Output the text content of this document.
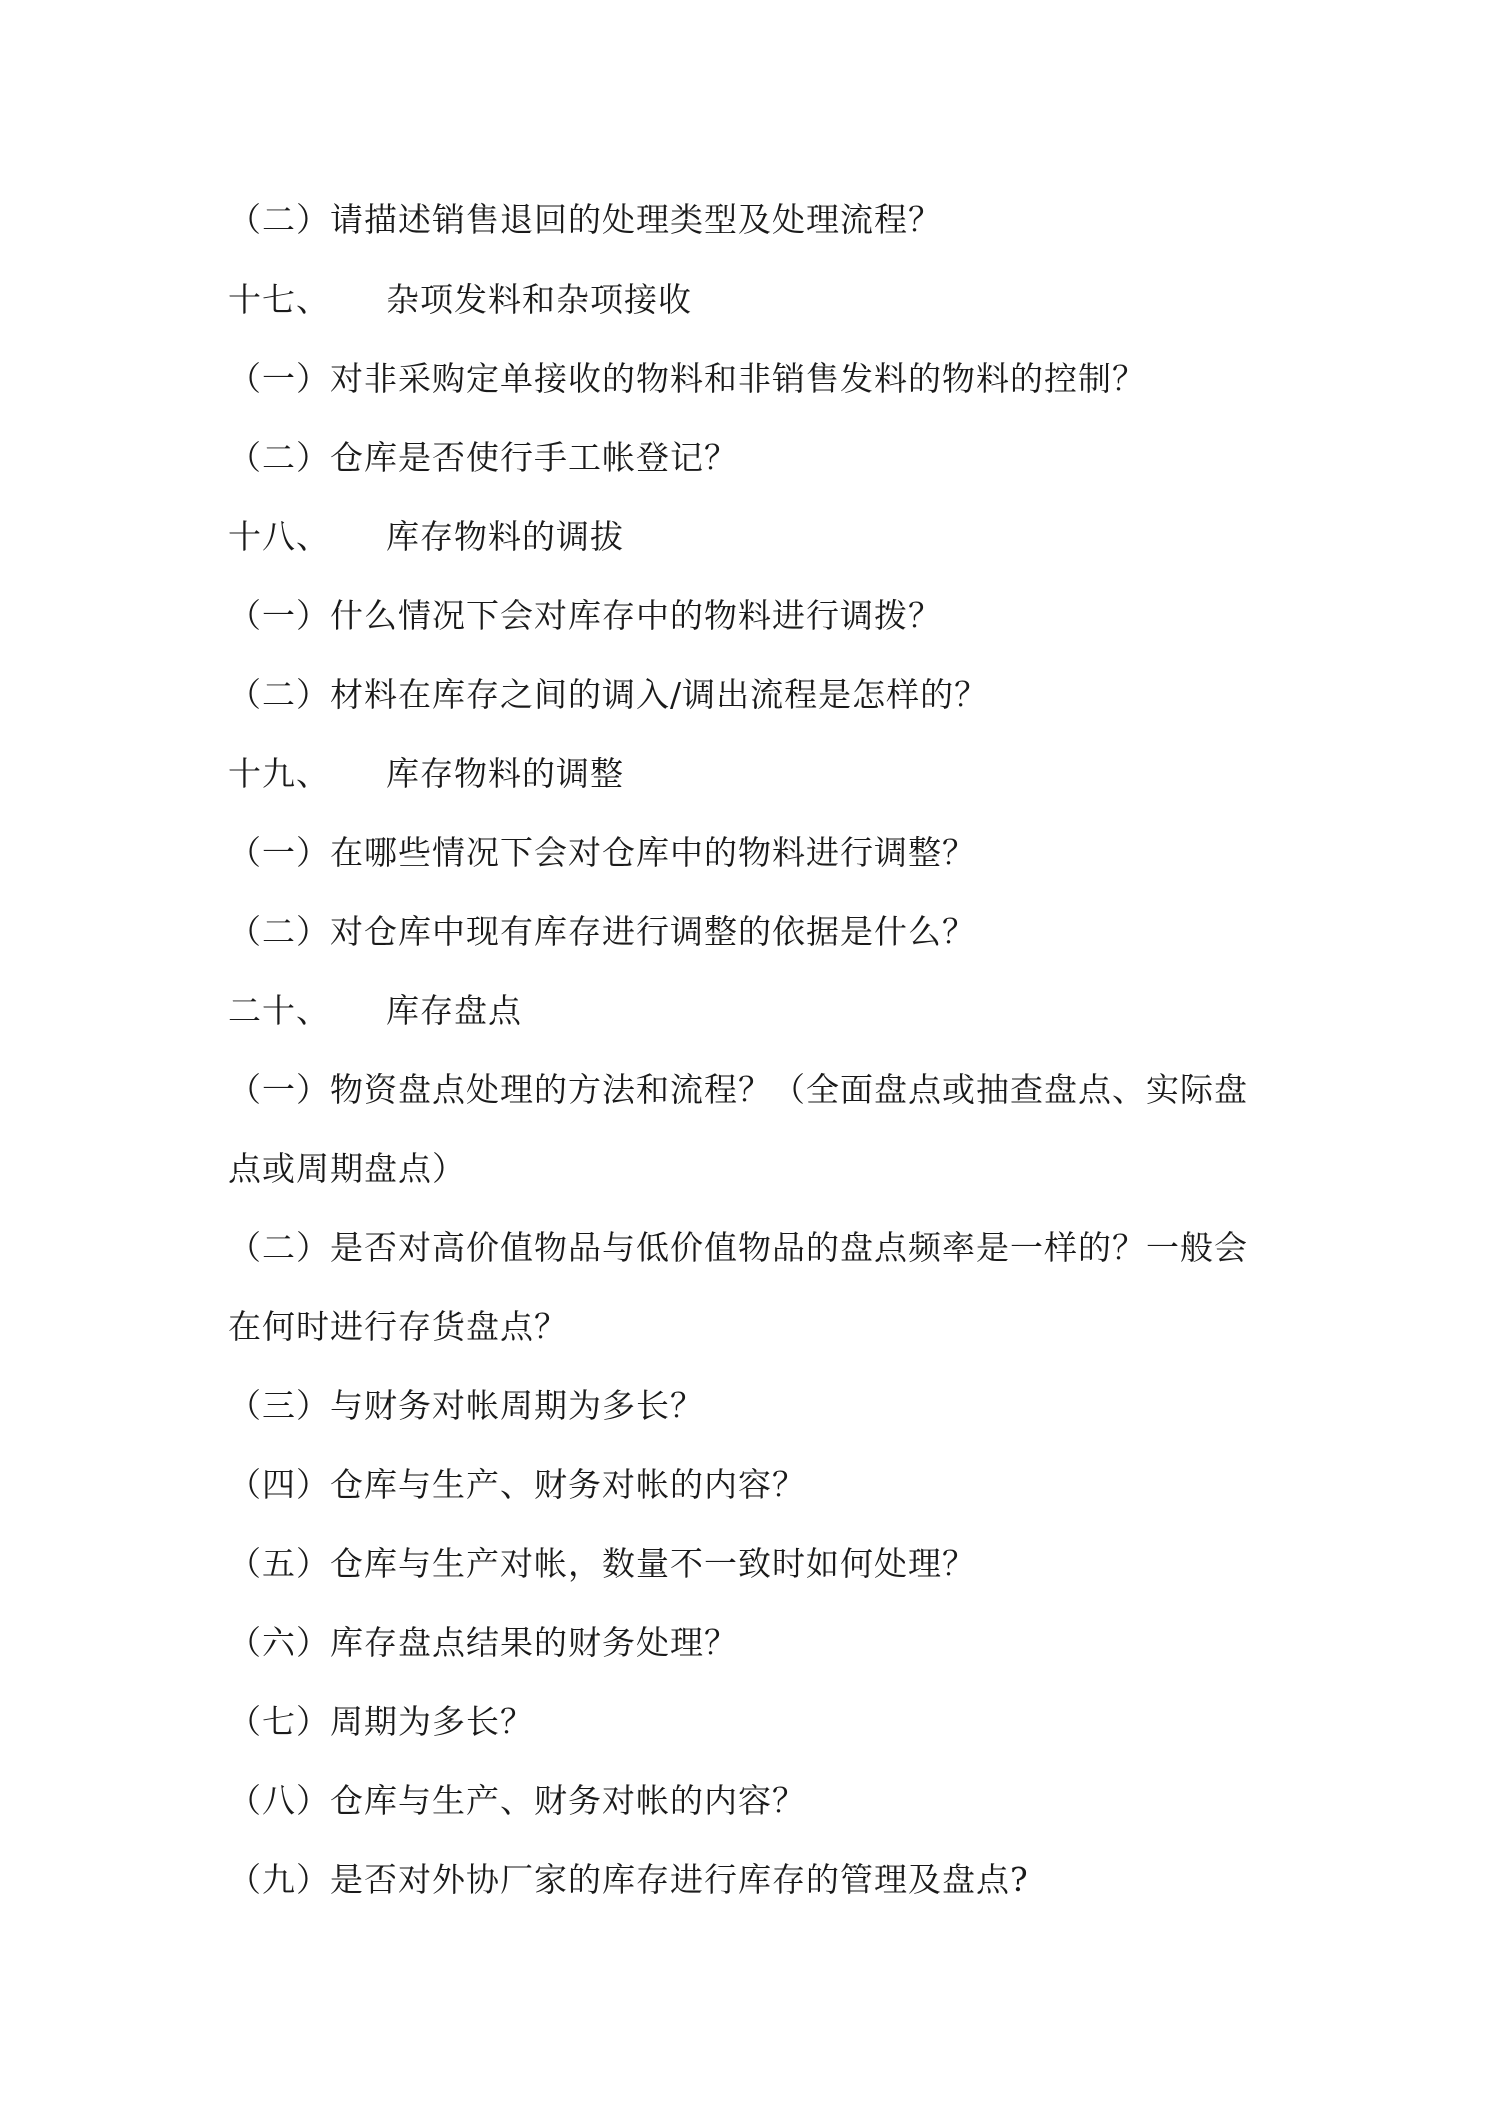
（二）请描述销售退回的处理类型及处理流程？
十七、 杂项发料和杂项接收
（一）对非采购定单接收的物料和非销售发料的物料的控制？
（二）仓库是否使行手工帐登记？
十八、 库存物料的调拔
（一）什么情况下会对库存中的物料进行调拨？
（二）材料在库存之间的调入/调出流程是怎样的？
十九、 库存物料的调整
（一）在哪些情况下会对仓库中的物料进行调整？
（二）对仓库中现有库存进行调整的依据是什么？
二十、 库存盘点
（一）物资盘点处理的方法和流程？（全面盘点或抽查盘点、实际盘
点或周期盘点）
（二）是否对高价值物品与低价值物品的盘点频率是一样的？一般会
在何时进行存货盘点？
（三）与财务对帐周期为多长？
（四）仓库与生产、财务对帐的内容？
（五）仓库与生产对帐，数量不一致时如何处理？
（六）库存盘点结果的财务处理？
（七）周期为多长？
（八）仓库与生产、财务对帐的内容？
（九）是否对外协厂家的库存进行库存的管理及盘点?
